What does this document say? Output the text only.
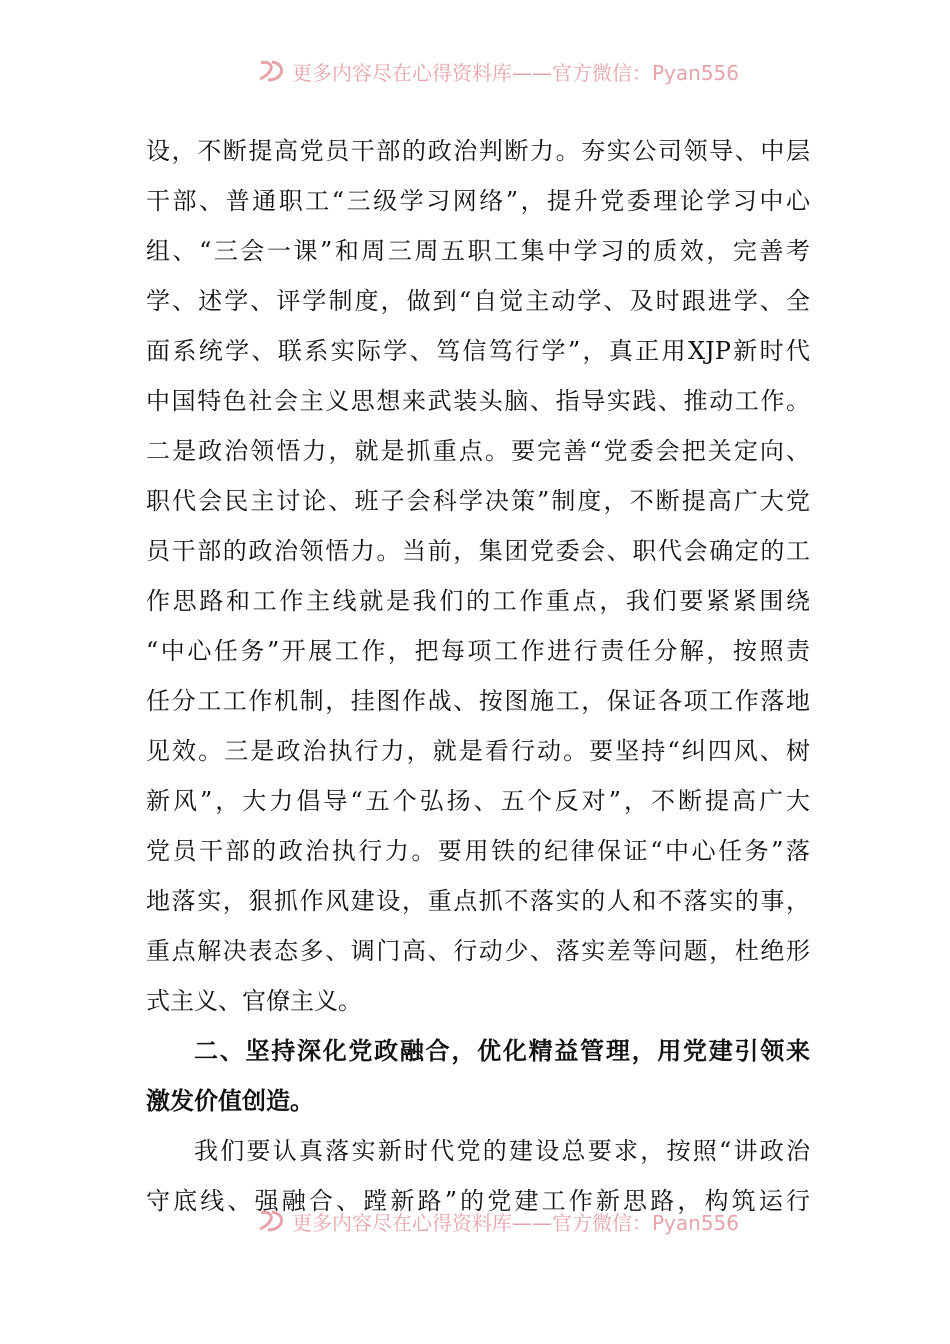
更多内容尽在心得资料库——官方微信：Pyan556
设，不断提高党员干部的政治判断力。夯实公司领导、中层
干部、普通职工“三级学习网络”，提升党委理论学习中心
组、“三会一课”和周三周五职工集中学习的质效，完善考
学、述学、评学制度，做到“自觉主动学、及时跟进学、全
面系统学、联系实际学、笃信笃行学”，真正用XJP新时代
中国特色社会主义思想来武装头脑、指导实践、推动工作。
二是政治领悟力，就是抓重点。要完善“党委会把关定向、
职代会民主讨论、班子会科学决策”制度，不断提高广大党
员干部的政治领悟力。当前，集团党委会、职代会确定的工
作思路和工作主线就是我们的工作重点，我们要紧紧围绕
“中心任务”开展工作，把每项工作进行责任分解，按照责
任分工工作机制，挂图作战、按图施工，保证各项工作落地
见效。三是政治执行力，就是看行动。要坚持“纠四风、树
新风”，大力倡导“五个弘扬、五个反对”，不断提高广大
党员干部的政治执行力。要用铁的纪律保证“中心任务”落
地落实，狠抓作风建设，重点抓不落实的人和不落实的事，
重点解决表态多、调门高、行动少、落实差等问题，杜绝形
式主义、官僚主义。
二、坚持深化党政融合，优化精益管理，用党建引领来
激发价值创造。
我们要认真落实新时代党的建设总要求，按照“讲政治
守底线、强融合、蹚新路”的党建工作新思路，构筑运行
更多内容尽在心得资料库——官方微信：Pyan556
